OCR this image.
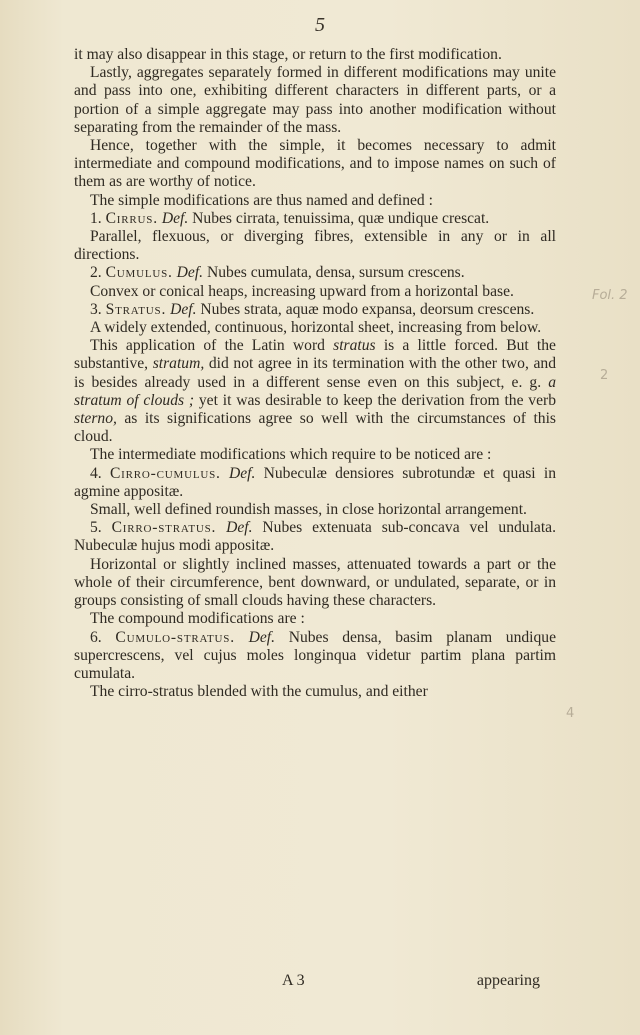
5

it may also disappear in this stage, or return to the first modification.

Lastly, aggregates separately formed in different modifications may unite and pass into one, exhibiting different characters in different parts, or a portion of a simple aggregate may pass into another modification without separating from the remainder of the mass.

Hence, together with the simple, it becomes necessary to admit intermediate and compound modifications, and to impose names on such of them as are worthy of notice.

The simple modifications are thus named and defined :

1. Cirrus. Def. Nubes cirrata, tenuissima, quæ undique crescat.

Parallel, flexuous, or diverging fibres, extensible in any or in all directions.

2. Cumulus. Def. Nubes cumulata, densa, sursum crescens.

Convex or conical heaps, increasing upward from a horizontal base.

3. Stratus. Def. Nubes strata, aquæ modo expansa, deorsum crescens.

A widely extended, continuous, horizontal sheet, increasing from below.

This application of the Latin word stratus is a little forced. But the substantive, stratum, did not agree in its termination with the other two, and is besides already used in a different sense even on this subject, e. g. a stratum of clouds ; yet it was desirable to keep the derivation from the verb sterno, as its significations agree so well with the circumstances of this cloud.

The intermediate modifications which require to be noticed are :

4. Cirro-cumulus. Def. Nubeculæ densiores subrotundæ et quasi in agmine appositæ.

Small, well defined roundish masses, in close horizontal arrangement.

5. Cirro-stratus. Def. Nubes extenuata sub-concava vel undulata. Nubeculæ hujus modi appositæ.

Horizontal or slightly inclined masses, attenuated towards a part or the whole of their circumference, bent downward, or undulated, separate, or in groups consisting of small clouds having these characters.

The compound modifications are :

6. Cumulo-stratus. Def. Nubes densa, basim planam undique supercrescens, vel cujus moles longinqua videtur partim plana partim cumulata.

The cirro-stratus blended with the cumulus, and either

A 3	appearing
Fol. 2
2
4
